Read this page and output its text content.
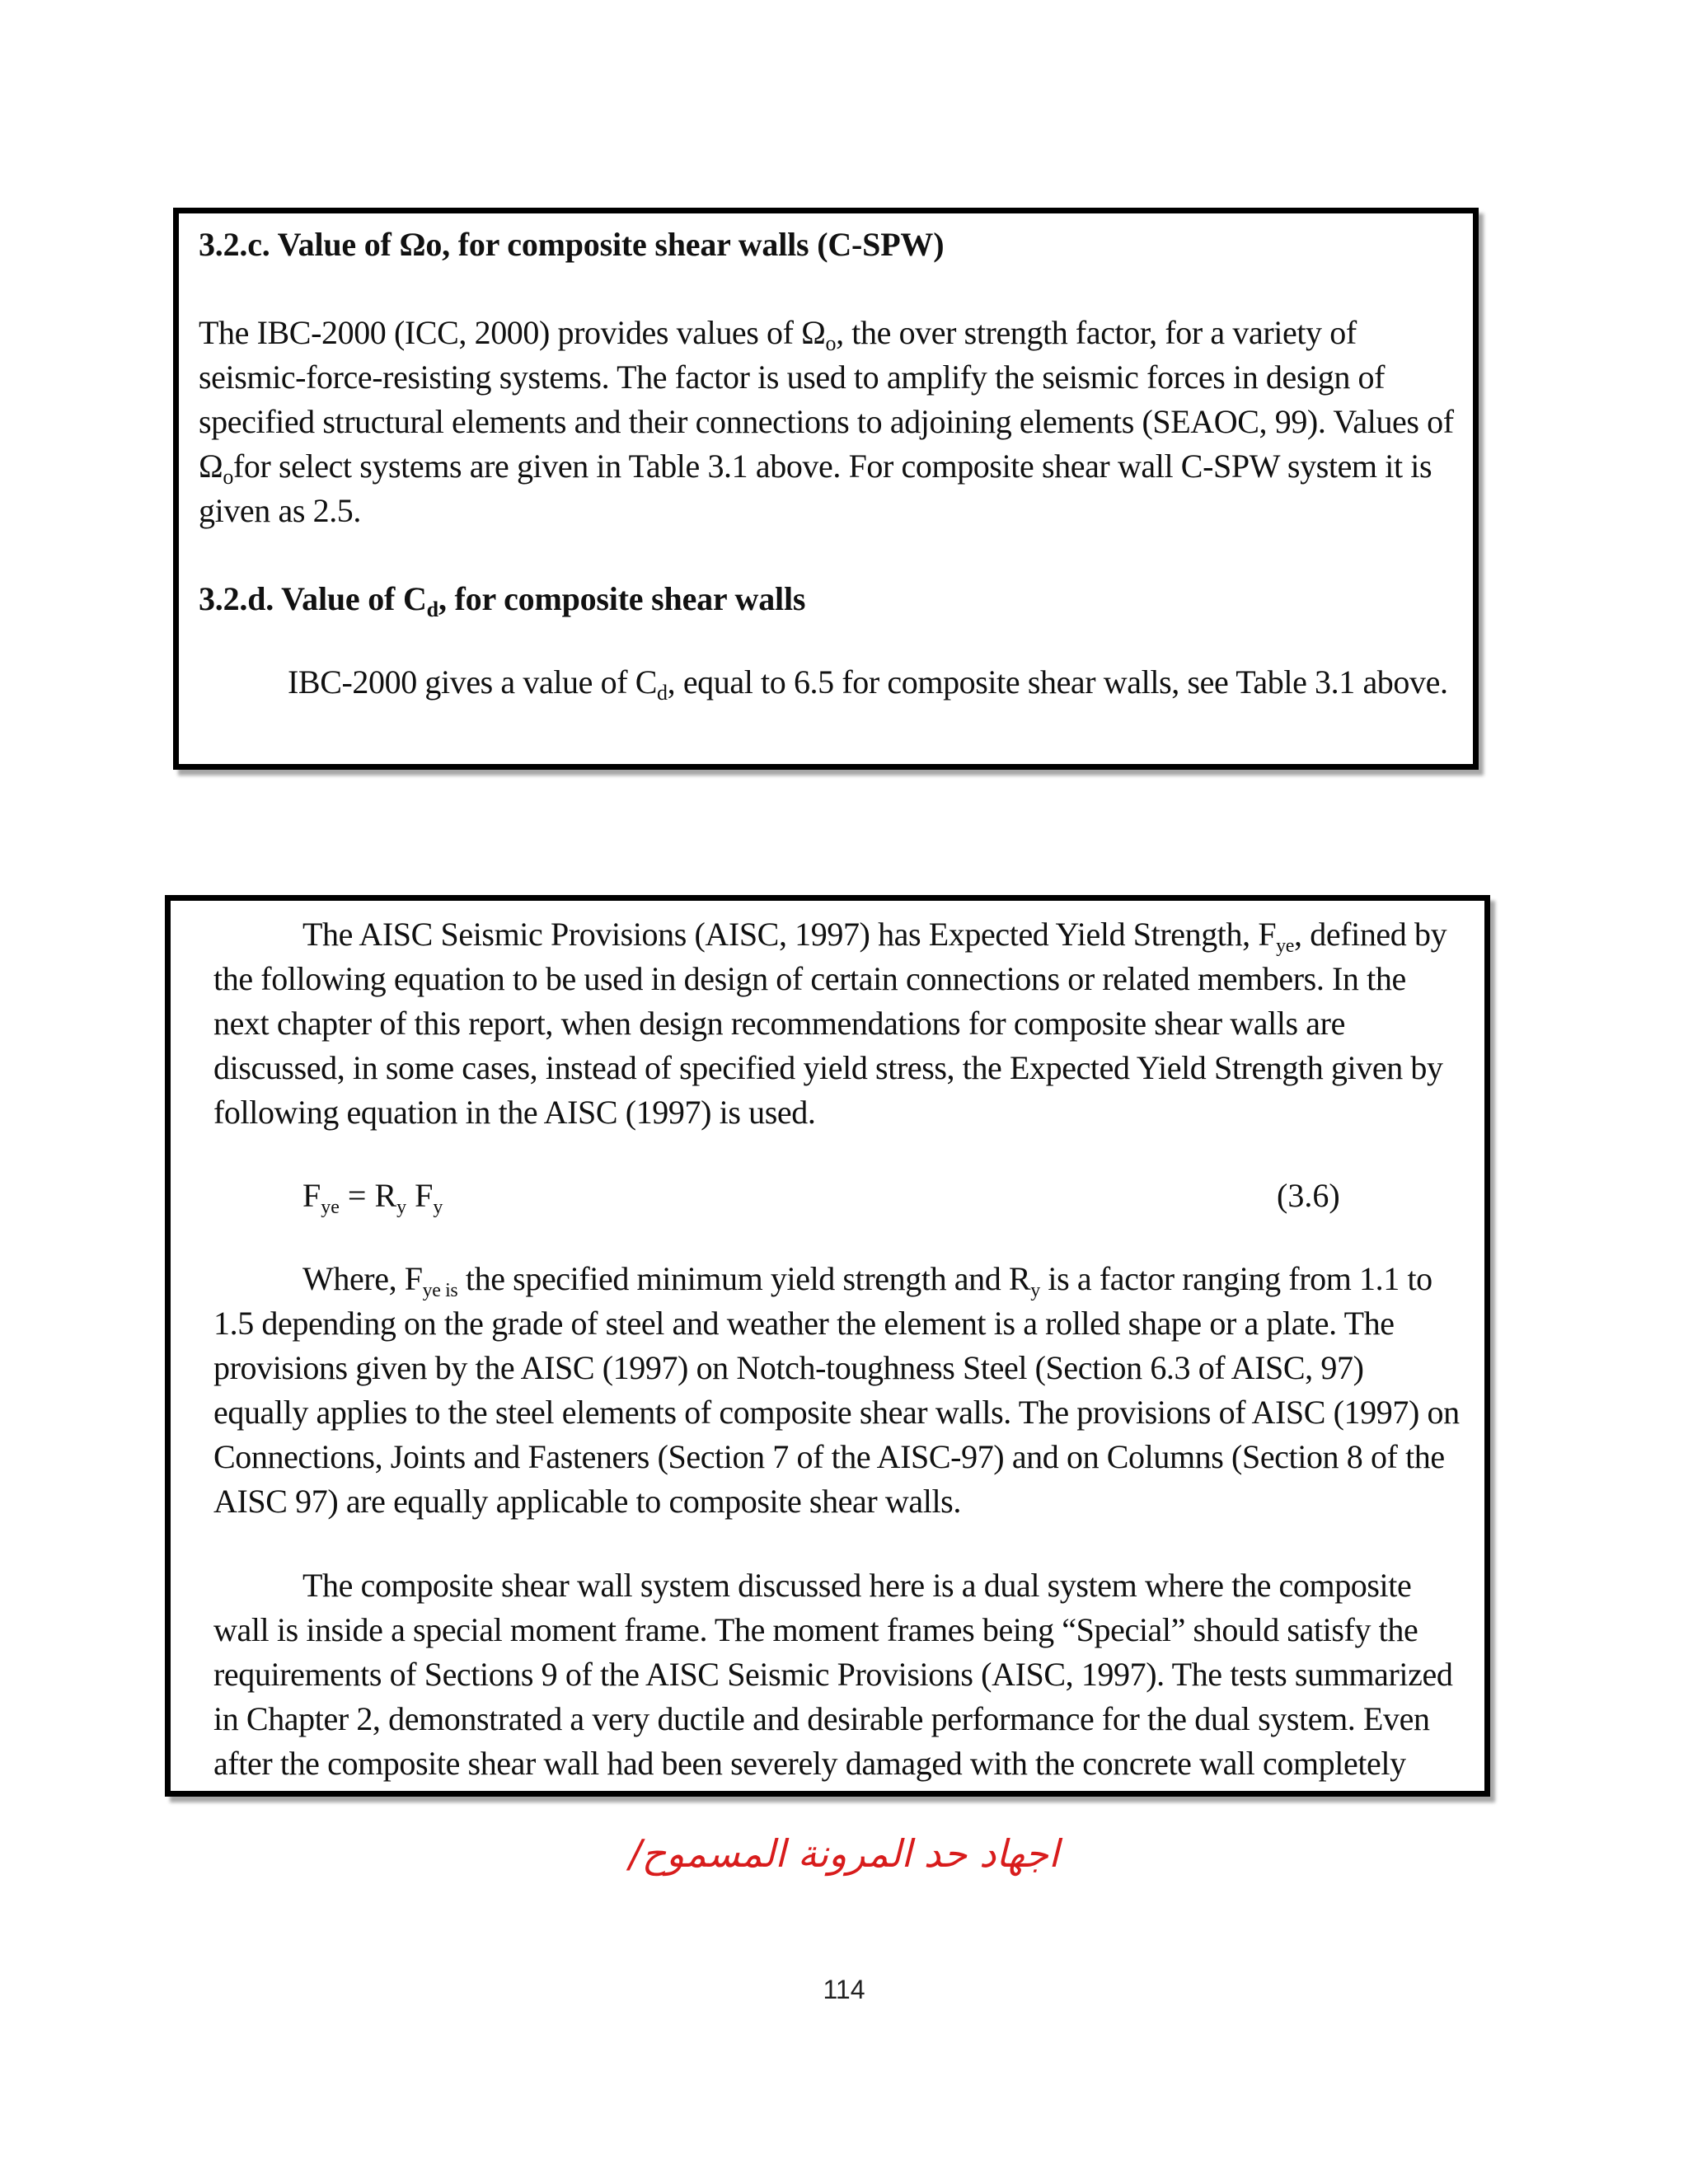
3.2.c. Value of Ωo, for composite shear walls (C-SPW)

The IBC-2000 (ICC, 2000) provides values of $\Omega_o$, the over strength factor, for a variety of seismic-force-resisting systems. The factor is used to amplify the seismic forces in design of specified structural elements and their connections to adjoining elements (SEAOC, 99). Values of $\Omega_ofor$ select systems are given in Table 3.1 above. For composite shear wall C-SPW system it is given as 2.5.

3.2.d. Value of $C_d$, for composite shear walls

IBC-2000 gives a value of $C_d$, equal to 6.5 for composite shear walls, see Table 3.1 above.

The AISC Seismic Provisions (AISC, 1997) has Expected Yield Strength, $F_{ye}$, defined by the following equation to be used in design of certain connections or related members. In the next chapter of this report, when design recommendations for composite shear walls are discussed, in some cases, instead of specified yield stress, the Expected Yield Strength given by following equation in the AISC (1997) is used.

$F_{ye} = R_y$ $F_y$	(3.6)

Where, $F_{ye is}$ the specified minimum yield strength and $R_y$ is a factor ranging from 1.1 to 1.5 depending on the grade of steel and weather the element is a rolled shape or a plate. The provisions given by the AISC (1997) on Notch-toughness Steel (Section 6.3 of AISC, 97) equally applies to the steel elements of composite shear walls. The provisions of AISC (1997) on Connections, Joints and Fasteners (Section 7 of the AISC-97) and on Columns (Section 8 of the AISC 97) are equally applicable to composite shear walls.

The composite shear wall system discussed here is a dual system where the composite wall is inside a special moment frame. The moment frames being “Special” should satisfy the requirements of Sections 9 of the AISC Seismic Provisions (AISC, 1997). The tests summarized in Chapter 2, demonstrated a very ductile and desirable performance for the dual system. Even after the composite shear wall had been severely damaged with the concrete wall completely

اجهاد حد المرونة المسموح/
114
